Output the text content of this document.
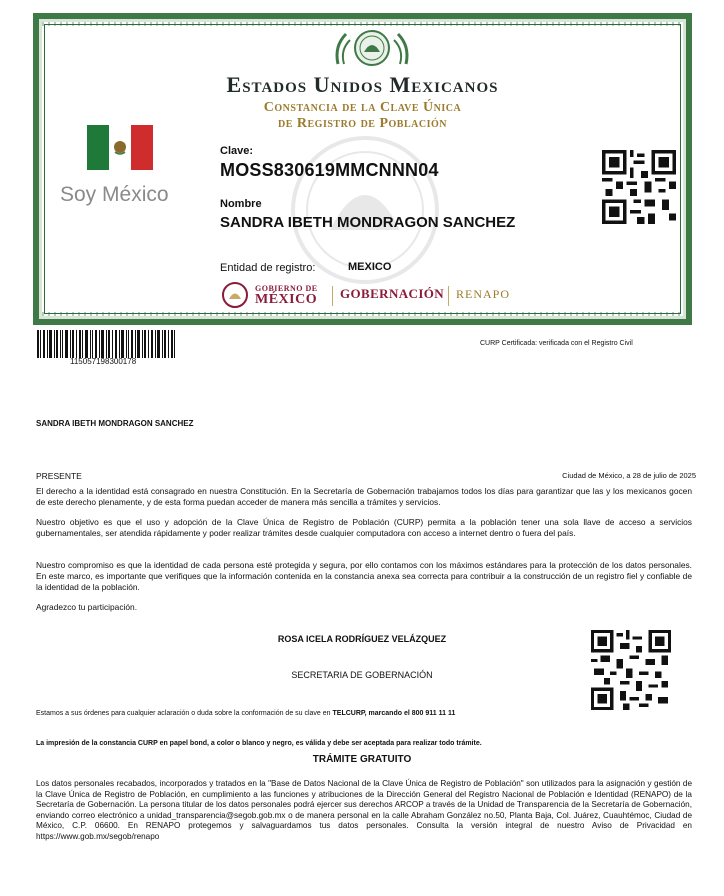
Estados Unidos Mexicanos
Constancia de la Clave Única
de Registro de Población
Soy México
Clave:
MOSS830619MMCNNN04
Nombre
SANDRA IBETH MONDRAGON SANCHEZ
Entidad de registro:	MEXICO
GOBIERNO DE
MÉXICO GOBERNACIÓN RENAPO
115057198300178
CURP Certificada: verificada con el Registro Civil
SANDRA IBETH MONDRAGON SANCHEZ
PRESENTE	Ciudad de México, a 28 de julio de 2025

El derecho a la identidad está consagrado en nuestra Constitución. En la Secretaría de Gobernación trabajamos todos los días para garantizar que las y los mexicanos gocen de este derecho plenamente, y de esta forma puedan acceder de manera más sencilla a trámites y servicios.

Nuestro objetivo es que el uso y adopción de la Clave Única de Registro de Población (CURP) permita a la población tener una sola llave de acceso a servicios gubernamentales, ser atendida rápidamente y poder realizar trámites desde cualquier computadora con acceso a internet dentro o fuera del país.

Nuestro compromiso es que la identidad de cada persona esté protegida y segura, por ello contamos con los máximos estándares para la protección de los datos personales. En este marco, es importante que verifiques que la información contenida en la constancia anexa sea correcta para contribuir a la construcción de un registro fiel y confiable de la identidad de la población.

Agradezco tu participación.

ROSA ICELA RODRÍGUEZ VELÁZQUEZ
SECRETARIA DE GOBERNACIÓN
Estamos a sus órdenes para cualquier aclaración o duda sobre la conformación de su clave en TELCURP, marcando el 800 911 11 11
La impresión de la constancia CURP en papel bond, a color o blanco y negro, es válida y debe ser aceptada para realizar todo trámite.
TRÁMITE GRATUITO

Los datos personales recabados, incorporados y tratados en la "Base de Datos Nacional de la Clave Única de Registro de Población" son utilizados para la asignación y gestión de la Clave Única de Registro de Población, en cumplimiento a las funciones y atribuciones de la Dirección General del Registro Nacional de Población e Identidad (RENAPO) de la Secretaría de Gobernación. La persona titular de los datos personales podrá ejercer sus derechos ARCOP a través de la Unidad de Transparencia de la Secretaría de Gobernación, enviando correo electrónico a unidad_transparencia@segob.gob.mx o de manera personal en la calle Abraham González no.50, Planta Baja, Col. Juárez, Cuauhtémoc, Ciudad de México, C.P. 06600. En RENAPO protegemos y salvaguardamos tus datos personales. Consulta la versión integral de nuestro Aviso de Privacidad en https://www.gob.mx/segob/renapo
